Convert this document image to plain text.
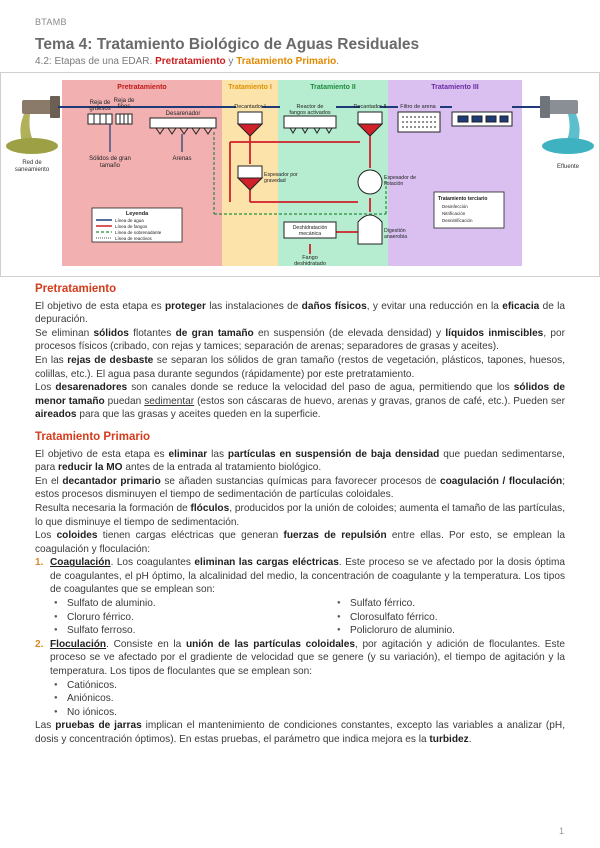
BTAMB
Tema 4: Tratamiento Biológico de Aguas Residuales
4.2: Etapas de una EDAR. Pretratamiento y Tratamiento Primario.
Pretratamiento	Tratamiento I	Tratamiento II	Tratamiento III
Red de
saneamiento	Efluente
Reja de
gruesos
Reja de
finos
Desarenador
Sólidos de gran
tamaño
Arenas
Decantador I	Reactor de
fangos activados
Decantador II	Filtro de arena
Espesador por
gravedad	Espesador de
flotación
Digestión
anaerobia
Deshidratación
mecánica
Fango
deshidratado
Leyenda
Línea de agua
Línea de fangos
Línea de sobrenadante
Línea de reactivos
Tratamiento terciario
Desinfección
Nitrificación
Desnitrificación
Pretratamiento

El objetivo de esta etapa es proteger las instalaciones de daños físicos, y evitar una reducción en la eficacia de la depuración.

Se eliminan sólidos flotantes de gran tamaño en suspensión (de elevada densidad) y líquidos inmiscibles, por procesos físicos (cribado, con rejas y tamices; separación de arenas; separadores de grasas y aceites).

En las rejas de desbaste se separan los sólidos de gran tamaño (restos de vegetación, plásticos, tapones, huesos, colillas, etc.). El agua pasa durante segundos (rápidamente) por este pretratamiento.

Los desarenadores son canales donde se reduce la velocidad del paso de agua, permitiendo que los sólidos de menor tamaño puedan sedimentar (estos son cáscaras de huevo, arenas y gravas, granos de café, etc.). Pueden ser aireados para que las grasas y aceites queden en la superficie.

Tratamiento Primario

El objetivo de esta etapa es eliminar las partículas en suspensión de baja densidad que puedan sedimentarse, para reducir la MO antes de la entrada al tratamiento biológico.

En el decantador primario se añaden sustancias químicas para favorecer procesos de coagulación / floculación; estos procesos disminuyen el tiempo de sedimentación de partículas coloidales.

Resulta necesaria la formación de flóculos, producidos por la unión de coloides; aumenta el tamaño de las partículas, lo que disminuye el tiempo de sedimentación.

Los coloides tienen cargas eléctricas que generan fuerzas de repulsión entre ellas. Por esto, se emplean la coagulación y floculación:

1. Coagulación. Los coagulantes eliminan las cargas eléctricas. Este proceso se ve afectado por la dosis óptima de coagulantes, el pH óptimo, la alcalinidad del medio, la concentración de coagulante y la temperatura. Los tipos de coagulantes que se emplean son:

● Sulfato de aluminio.	● Sulfato férrico.
● Cloruro férrico.	● Clorosulfato férrico.
● Sulfato ferroso.	● Policloruro de aluminio.
2. Floculación. Consiste en la unión de las partículas coloidales, por agitación y adición de floculantes. Este proceso se ve afectado por el gradiente de velocidad que se genere (y su variación), el tiempo de agitación y la temperatura. Los tipos de floculantes que se emplean son:

● Catiónicos.
● Aniónicos.
● No iónicos.

Las pruebas de jarras implican el mantenimiento de condiciones constantes, excepto las variables a analizar (pH, dosis y concentración óptimos). En estas pruebas, el parámetro que indica mejora es la turbidez.

1
